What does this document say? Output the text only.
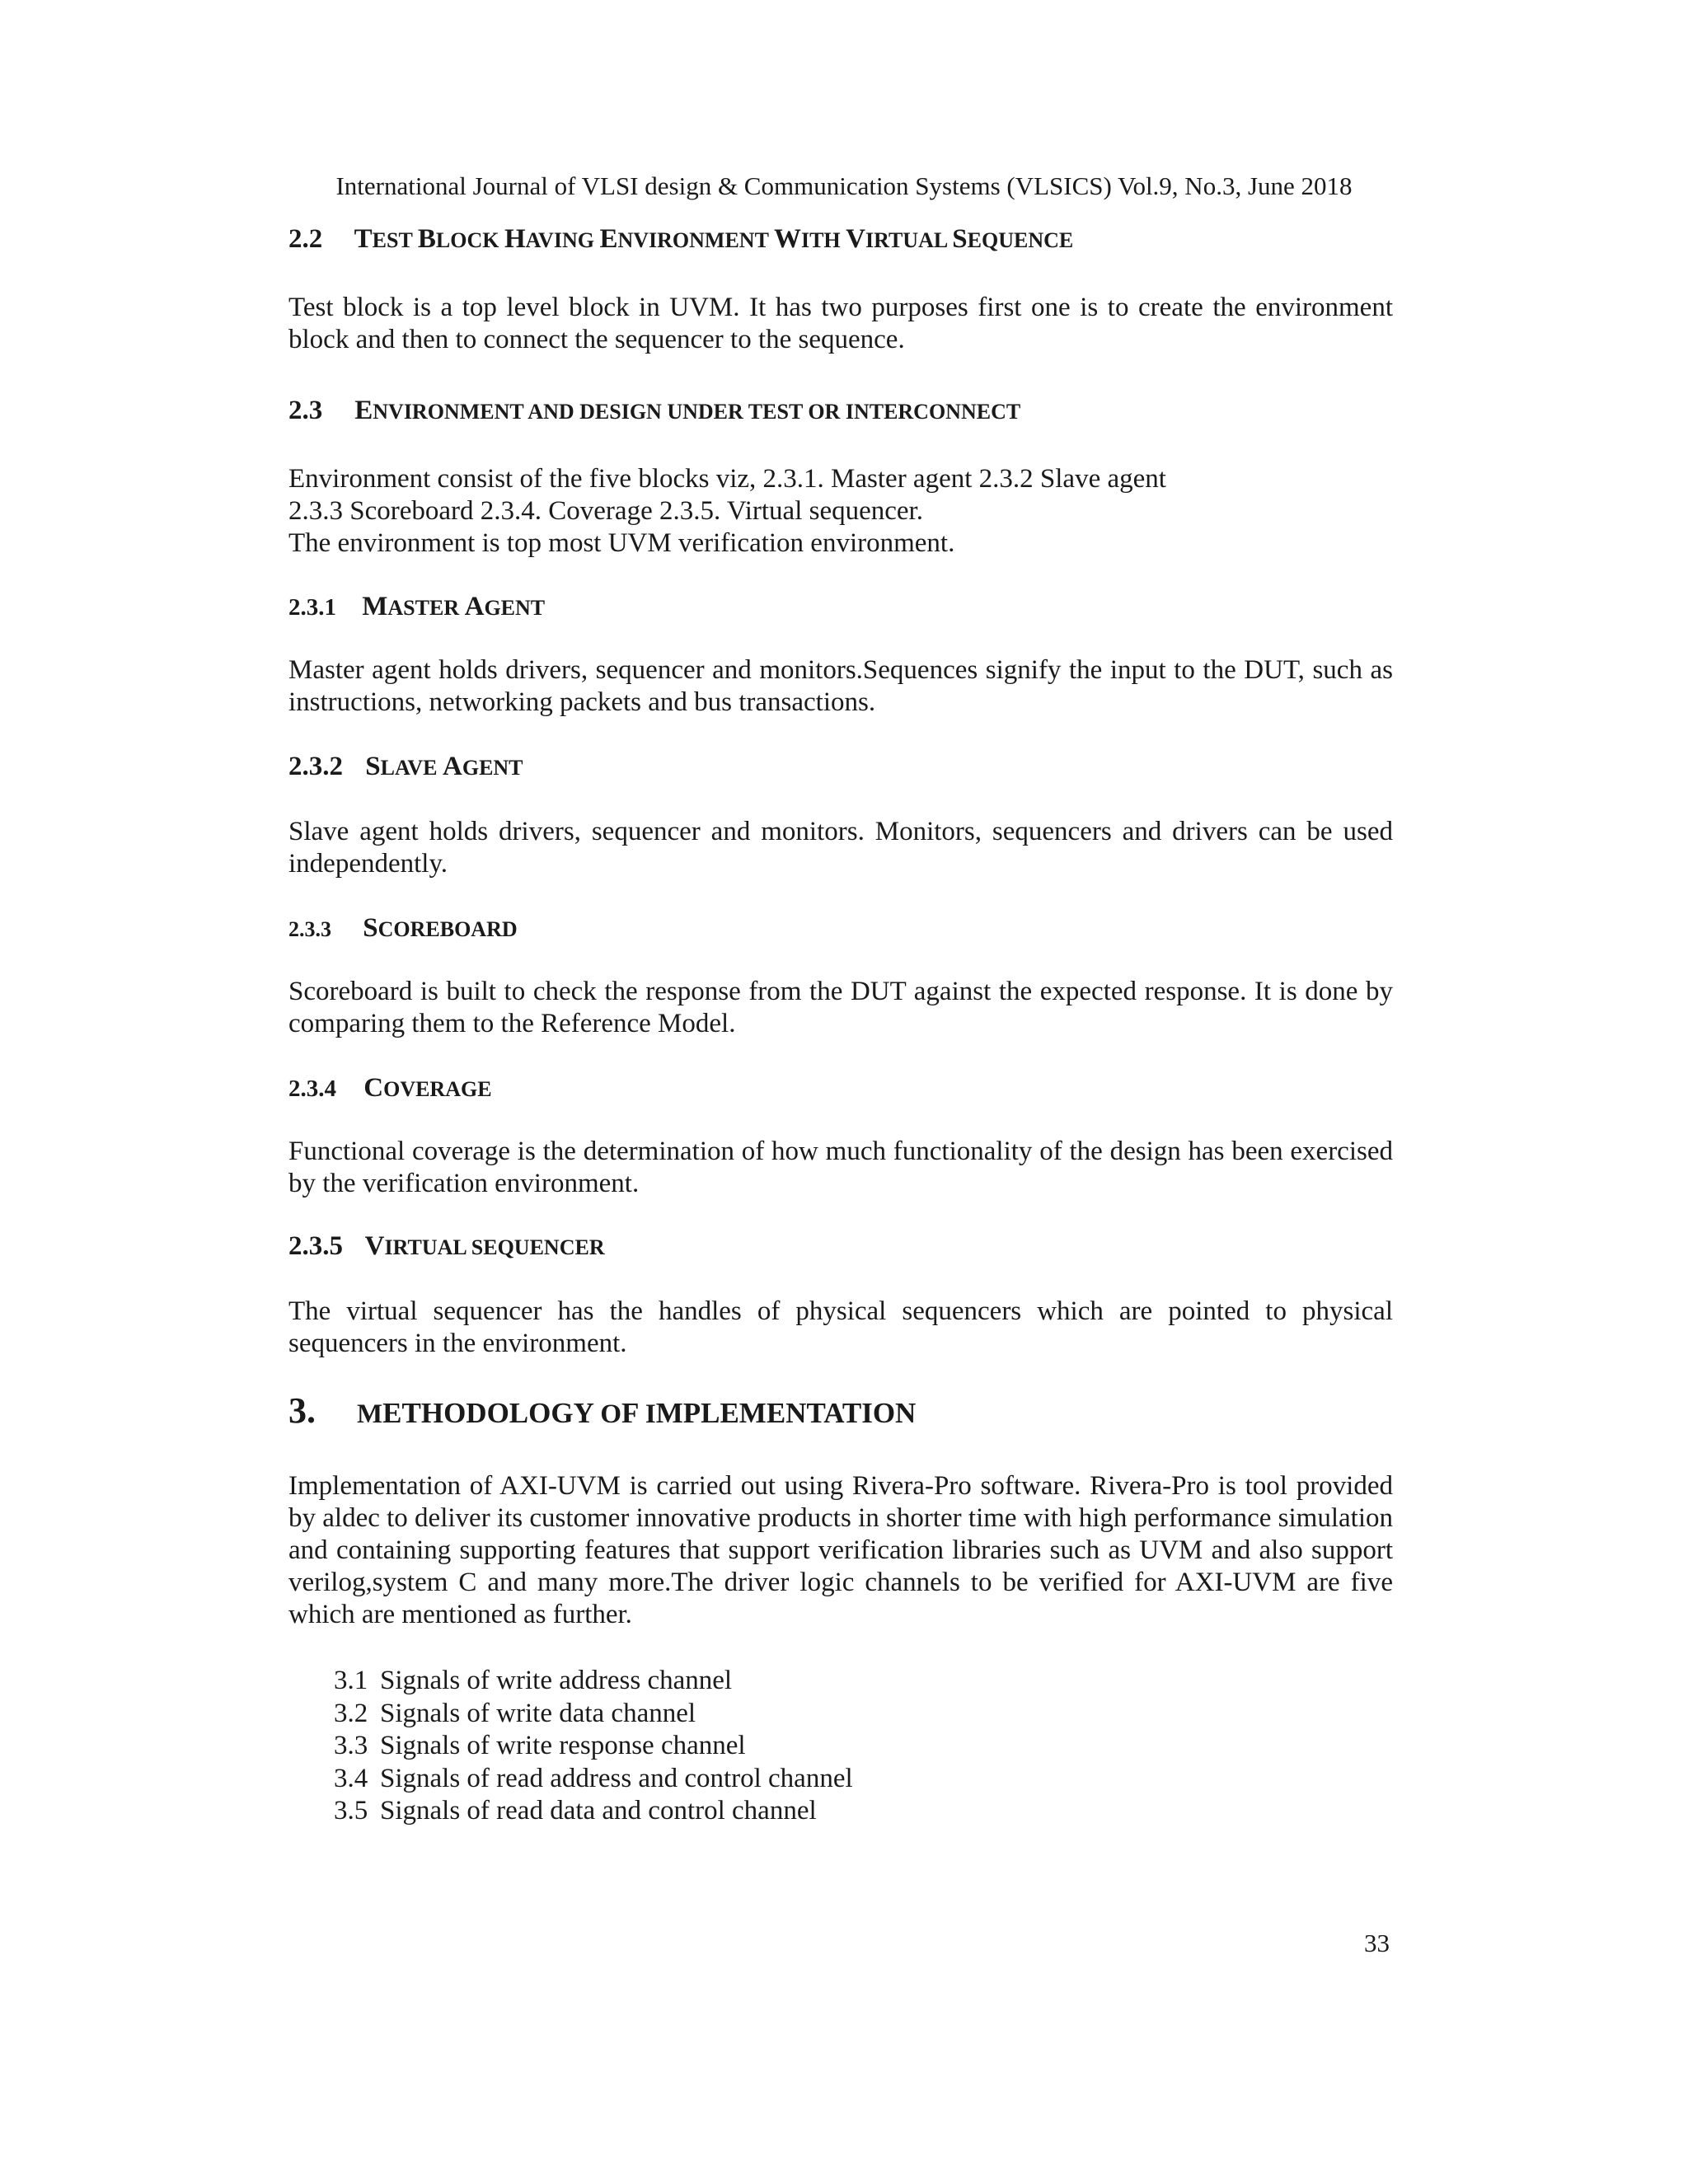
International Journal of VLSI design & Communication Systems (VLSICS) Vol.9, No.3, June 2018
2.2 TEST BLOCK HAVING ENVIRONMENT WITH VIRTUAL SEQUENCE
Test block is a top level block in UVM. It has two purposes first one is to create the environment block and then to connect the sequencer to the sequence.
2.3 ENVIRONMENT AND DESIGN UNDER TEST OR INTERCONNECT
Environment consist of the five blocks viz, 2.3.1. Master agent 2.3.2 Slave agent
2.3.3 Scoreboard 2.3.4. Coverage 2.3.5. Virtual sequencer.
The environment is top most UVM verification environment.
2.3.1 MASTER AGENT
Master agent holds drivers, sequencer and monitors.Sequences signify the input to the DUT, such as instructions, networking packets and bus transactions.
2.3.2 SLAVE AGENT
Slave agent holds drivers, sequencer and monitors. Monitors, sequencers and drivers can be used independently.
2.3.3 SCOREBOARD
Scoreboard is built to check the response from the DUT against the expected response. It is done by comparing them to the Reference Model.
2.3.4 COVERAGE
Functional coverage is the determination of how much functionality of the design has been exercised by the verification environment.
2.3.5 VIRTUAL SEQUENCER
The virtual sequencer has the handles of physical sequencers which are pointed to physical sequencers in the environment.
3. METHODOLOGY OF IMPLEMENTATION
Implementation of AXI-UVM is carried out using Rivera-Pro software. Rivera-Pro is tool provided by aldec to deliver its customer innovative products in shorter time with high performance simulation and containing supporting features that support verification libraries such as UVM and also support verilog,system C and many more.The driver logic channels to be verified for AXI-UVM are five which are mentioned as further.
3.1 Signals of write address channel
3.2 Signals of write data channel
3.3 Signals of write response channel
3.4 Signals of read address and control channel
3.5 Signals of read data and control channel
33
